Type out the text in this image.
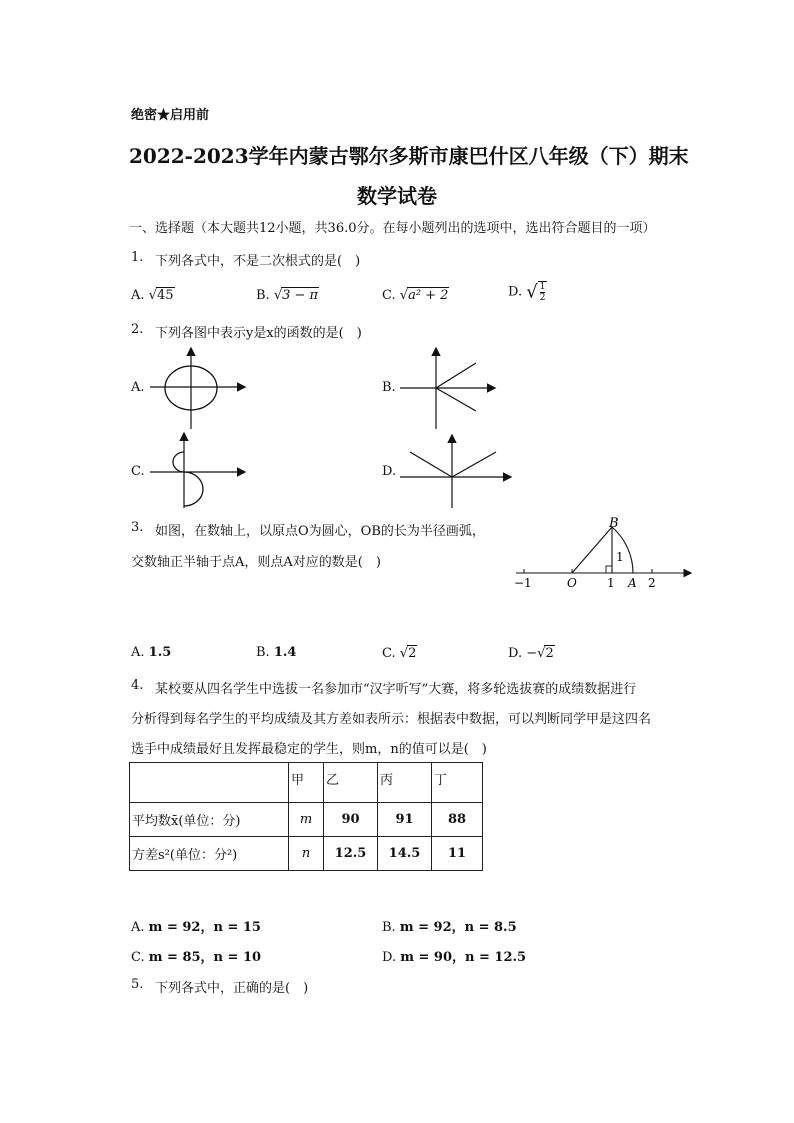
绝密★启用前
2022-2023学年内蒙古鄂尔多斯市康巴什区八年级（下）期末
数学试卷
一、选择题（本大题共12小题，共36.0分。在每小题列出的选项中，选出符合题目的一项）
1. 下列各式中，不是二次根式的是(　)
A. √45	B. √3 − π	C. √a² + 2	D. √ $\frac{1}{2}$
2. 下列各图中表示y是x的函数的是(　)
A.	B.
C.	D.
3. 如图，在数轴上，以原点O为圆心，OB的长为半径画弧，
交数轴正半轴于点A，则点A对应的数是(　)
B
1
−1	O	1 A 2
A. 1.5	B. 1.4	C. √2	D. −√2
4. 某校要从四名学生中选拔一名参加市“汉字听写”大赛，将多轮选拔赛的成绩数据进行
分析得到每名学生的平均成绩及其方差如表所示：根据表中数据，可以判断同学甲是这四名
选手中成绩最好且发挥最稳定的学生，则m，n的值可以是(　)
	甲	乙	丙	丁
平均数x̄(单位：分)	m	90	91	88
方差s²(单位：分²)	n	12.5	14.5	11
A. m = 92，n = 15	B. m = 92，n = 8.5
C. m = 85，n = 10	D. m = 90，n = 12.5
5. 下列各式中，正确的是(　)
